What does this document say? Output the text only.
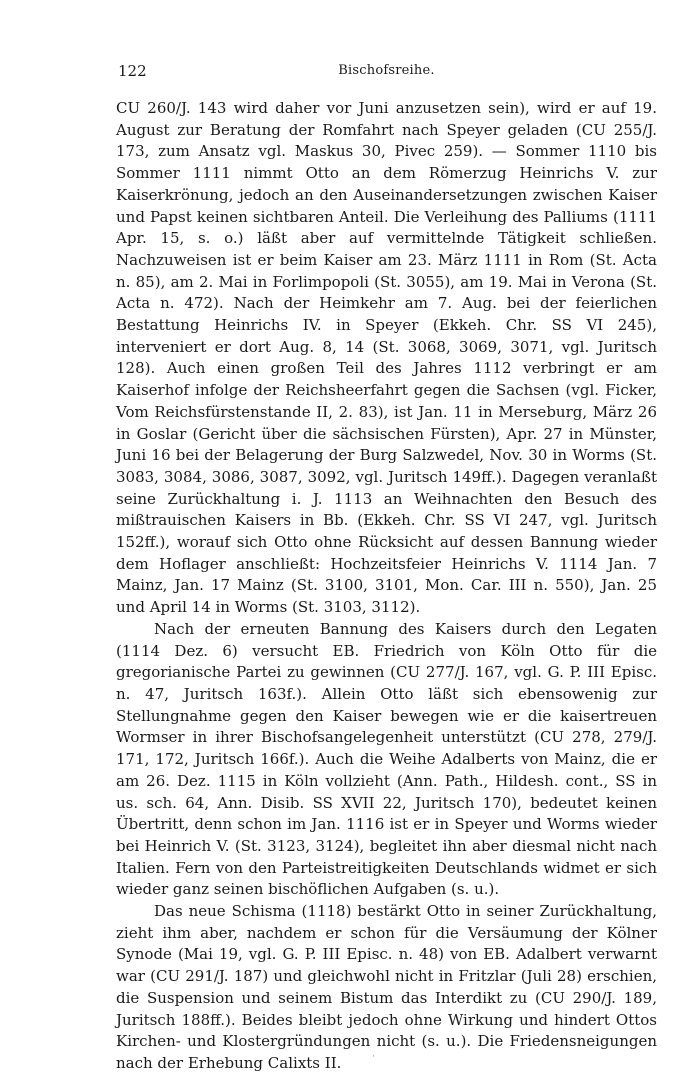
122	Bischofsreihe.

CU 260/J. 143 wird daher vor Juni anzusetzen sein), wird er auf 19. August zur Beratung der Romfahrt nach Speyer geladen (CU 255/J. 173, zum Ansatz vgl. Maskus 30, Pivec 259). — Sommer 1110 bis Sommer 1111 nimmt Otto an dem Römerzug Heinrichs V. zur Kaiserkrönung, jedoch an den Auseinandersetzungen zwischen Kaiser und Papst keinen sichtbaren Anteil. Die Verleihung des Palliums (1111 Apr. 15, s. o.) läßt aber auf vermittelnde Tätigkeit schließen. Nachzuweisen ist er beim Kaiser am 23. März 1111 in Rom (St. Acta n. 85), am 2. Mai in Forlimpopoli (St. 3055), am 19. Mai in Verona (St. Acta n. 472). Nach der Heimkehr am 7. Aug. bei der feierlichen Bestattung Heinrichs IV. in Speyer (Ekkeh. Chr. SS VI 245), interveniert er dort Aug. 8, 14 (St. 3068, 3069, 3071, vgl. Juritsch 128). Auch einen großen Teil des Jahres 1112 verbringt er am Kaiserhof infolge der Reichsheerfahrt gegen die Sachsen (vgl. Ficker, Vom Reichsfürstenstande II, 2. 83), ist Jan. 11 in Merseburg, März 26 in Goslar (Gericht über die sächsischen Fürsten), Apr. 27 in Münster, Juni 16 bei der Belagerung der Burg Salzwedel, Nov. 30 in Worms (St. 3083, 3084, 3086, 3087, 3092, vgl. Juritsch 149ff.). Dagegen veranlaßt seine Zurückhaltung i. J. 1113 an Weihnachten den Besuch des mißtrauischen Kaisers in Bb. (Ekkeh. Chr. SS VI 247, vgl. Juritsch 152ff.), worauf sich Otto ohne Rücksicht auf dessen Bannung wieder dem Hoflager anschließt: Hochzeitsfeier Heinrichs V. 1114 Jan. 7 Mainz, Jan. 17 Mainz (St. 3100, 3101, Mon. Car. III n. 550), Jan. 25 und April 14 in Worms (St. 3103, 3112).

Nach der erneuten Bannung des Kaisers durch den Legaten (1114 Dez. 6) versucht EB. Friedrich von Köln Otto für die gregorianische Partei zu gewinnen (CU 277/J. 167, vgl. G. P. III Episc. n. 47, Juritsch 163f.). Allein Otto läßt sich ebensowenig zur Stellungnahme gegen den Kaiser bewegen wie er die kaisertreuen Wormser in ihrer Bischofsangelegenheit unterstützt (CU 278, 279/J. 171, 172, Juritsch 166f.). Auch die Weihe Adalberts von Mainz, die er am 26. Dez. 1115 in Köln vollzieht (Ann. Path., Hildesh. cont., SS in us. sch. 64, Ann. Disib. SS XVII 22, Juritsch 170), bedeutet keinen Übertritt, denn schon im Jan. 1116 ist er in Speyer und Worms wieder bei Heinrich V. (St. 3123, 3124), begleitet ihn aber diesmal nicht nach Italien. Fern von den Parteistreitigkeiten Deutschlands widmet er sich wieder ganz seinen bischöflichen Aufgaben (s. u.).

Das neue Schisma (1118) bestärkt Otto in seiner Zurückhaltung, zieht ihm aber, nachdem er schon für die Versäumung der Kölner Synode (Mai 19, vgl. G. P. III Episc. n. 48) von EB. Adalbert verwarnt war (CU 291/J. 187) und gleichwohl nicht in Fritzlar (Juli 28) erschien, die Suspension und seinem Bistum das Interdikt zu (CU 290/J. 189, Juritsch 188ff.). Beides bleibt jedoch ohne Wirkung und hindert Ottos Kirchen- und Klostergründungen nicht (s. u.). Die Friedensneigungen nach der Erhebung Calixts II.	·
